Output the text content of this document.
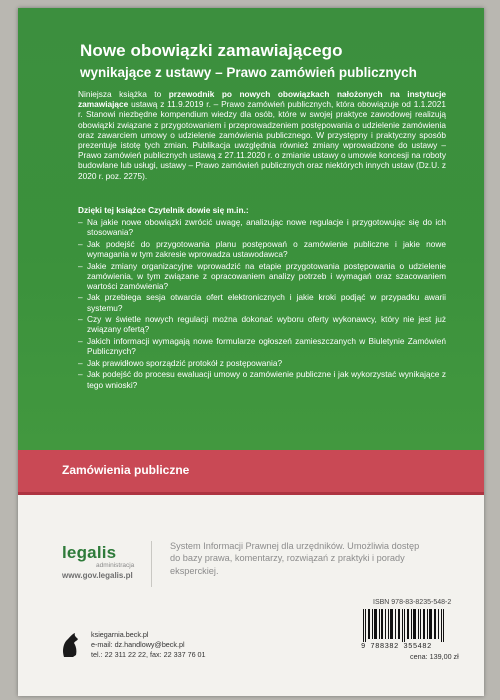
Nowe obowiązki zamawiającego
wynikające z ustawy – Prawo zamówień publicznych
Niniejsza książka to przewodnik po nowych obowiązkach nałożonych na instytucje zamawiające ustawą z 11.9.2019 r. – Prawo zamówień publicznych, która obowiązuje od 1.1.2021 r. Stanowi niezbędne kompendium wiedzy dla osób, które w swojej praktyce zawodowej realizują obowiązki związane z przygotowaniem i przeprowadzeniem postępowania o udzielenie zamówienia oraz zawarciem umowy o udzielenie zamówienia publicznego. W przystępny i praktyczny sposób prezentuje istotę tych zmian. Publikacja uwzględnia również zmiany wprowadzone do ustawy – Prawo zamówień publicznych ustawą z 27.11.2020 r. o zmianie ustawy o umowie koncesji na roboty budowlane lub usługi, ustawy – Prawo zamówień publicznych oraz niektórych innych ustaw (Dz.U. z 2020 r. poz. 2275).
Dzięki tej książce Czytelnik dowie się m.in.:
– Na jakie nowe obowiązki zwrócić uwagę, analizując nowe regulacje i przygotowując się do ich stosowania?
– Jak podejść do przygotowania planu postępowań o zamówienie publiczne i jakie nowe wymagania w tym zakresie wprowadza ustawodawca?
– Jakie zmiany organizacyjne wprowadzić na etapie przygotowania postępowania o udzielenie zamówienia, w tym związane z opracowaniem analizy potrzeb i wymagań oraz szacowaniem wartości zamówienia?
– Jak przebiega sesja otwarcia ofert elektronicznych i jakie kroki podjąć w przypadku awarii systemu?
– Czy w świetle nowych regulacji można dokonać wyboru oferty wykonawcy, który nie jest już związany ofertą?
– Jakich informacji wymagają nowe formularze ogłoszeń zamieszczanych w Biuletynie Zamówień Publicznych?
– Jak prawidłowo sporządzić protokół z postępowania?
– Jak podejść do procesu ewaluacji umowy o zamówienie publiczne i jak wykorzystać wynikające z tego wnioski?
Zamówienia publiczne
legalis
administracja
www.gov.legalis.pl
System Informacji Prawnej dla urzędników. Umożliwia dostęp do bazy prawa, komentarzy, rozwiązań z praktyki i porady eksperckiej.
ISBN 978-83-8235-548-2
9 788382 355482
cena: 139,00 zł
B
ksiegarnia.beck.pl
e-mail: dz.handlowy@beck.pl
tel.: 22 311 22 22, fax: 22 337 76 01
